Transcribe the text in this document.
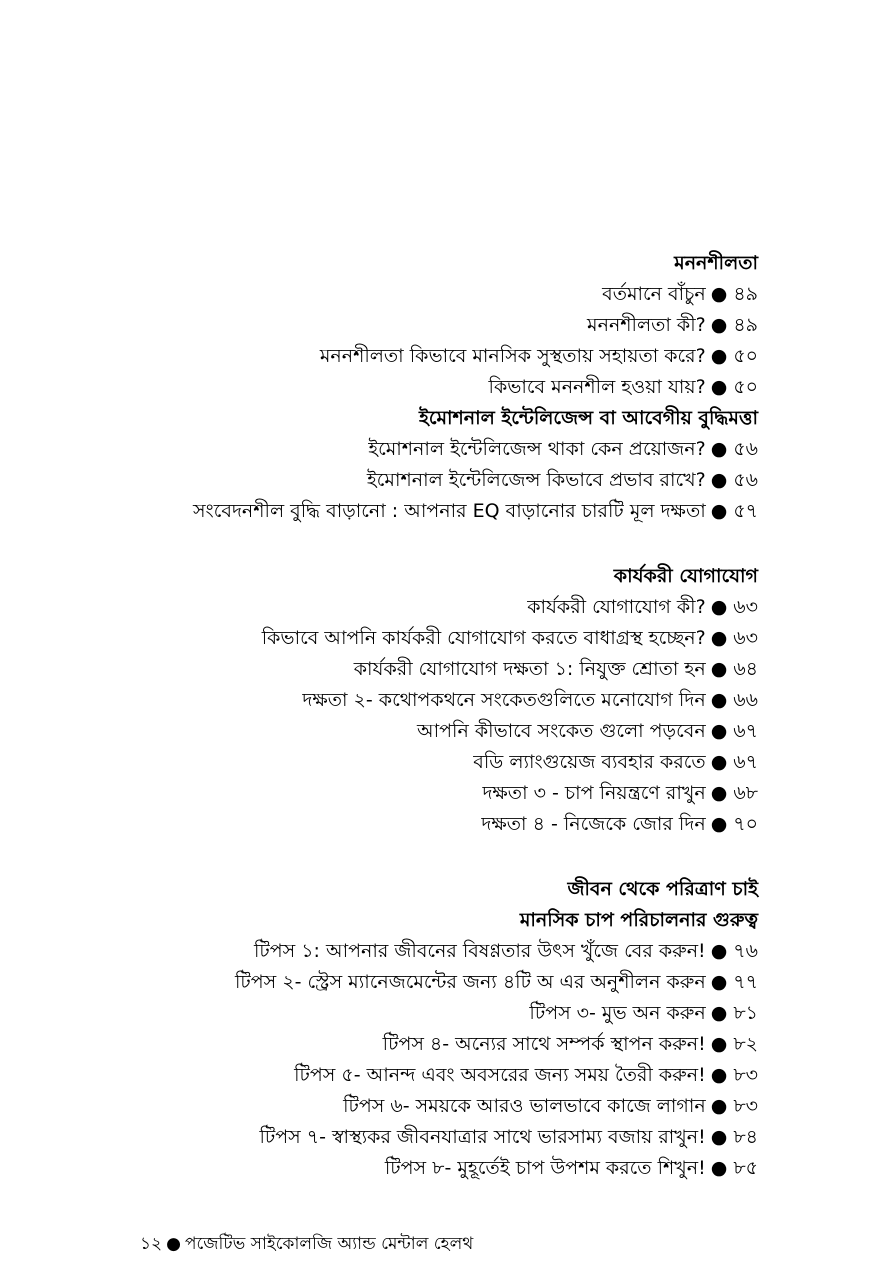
মননশীলতা
বর্তমানে বাঁচুন ● ৪৯
মননশীলতা কী? ● ৪৯
মননশীলতা কিভাবে মানসিক সুস্থতায় সহায়তা করে? ● ৫০
কিভাবে মননশীল হওয়া যায়? ● ৫০
ইমোশনাল ইন্টেলিজেন্স বা আবেগীয় বুদ্ধিমত্তা
ইমোশনাল ইন্টেলিজেন্স থাকা কেন প্রয়োজন? ● ৫৬
ইমোশনাল ইন্টেলিজেন্স কিভাবে প্রভাব রাখে? ● ৫৬
সংবেদনশীল বুদ্ধি বাড়ানো : আপনার EQ বাড়ানোর চারটি মূল দক্ষতা ● ৫৭
কার্যকরী যোগাযোগ
কার্যকরী যোগাযোগ কী? ● ৬৩
কিভাবে আপনি কার্যকরী যোগাযোগ করতে বাধাগ্রস্থ হচ্ছেন? ● ৬৩
কার্যকরী যোগাযোগ দক্ষতা ১: নিযুক্ত শ্রোতা হন ● ৬৪
দক্ষতা ২- কথোপকথনে সংকেতগুলিতে মনোযোগ দিন ● ৬৬
আপনি কীভাবে সংকেত গুলো পড়বেন ● ৬৭
বডি ল্যাংগুয়েজ ব্যবহার করতে ● ৬৭
দক্ষতা ৩ - চাপ নিয়ন্ত্রণে রাখুন ● ৬৮
দক্ষতা ৪ - নিজেকে জোর দিন ● ৭০
জীবন থেকে পরিত্রাণ চাই
মানসিক চাপ পরিচালনার গুরুত্ব
টিপস ১: আপনার জীবনের বিষণ্ণতার উৎস খুঁজে বের করুন! ● ৭৬
টিপস ২- স্ট্রেস ম্যানেজমেন্টের জন্য ৪টি অ এর অনুশীলন করুন ● ৭৭
টিপস ৩- মুভ অন করুন ● ৮১
টিপস ৪- অন্যের সাথে সম্পর্ক স্থাপন করুন! ● ৮২
টিপস ৫- আনন্দ এবং অবসরের জন্য সময় তৈরী করুন! ● ৮৩
টিপস ৬- সময়কে আরও ভালভাবে কাজে লাগান ● ৮৩
টিপস ৭- স্বাস্থ্যকর জীবনযাত্রার সাথে ভারসাম্য বজায় রাখুন! ● ৮৪
টিপস ৮- মুহূর্তেই চাপ উপশম করতে শিখুন! ● ৮৫
১২ ● পজেটিভ সাইকোলজি অ্যান্ড মেন্টাল হেলথ
